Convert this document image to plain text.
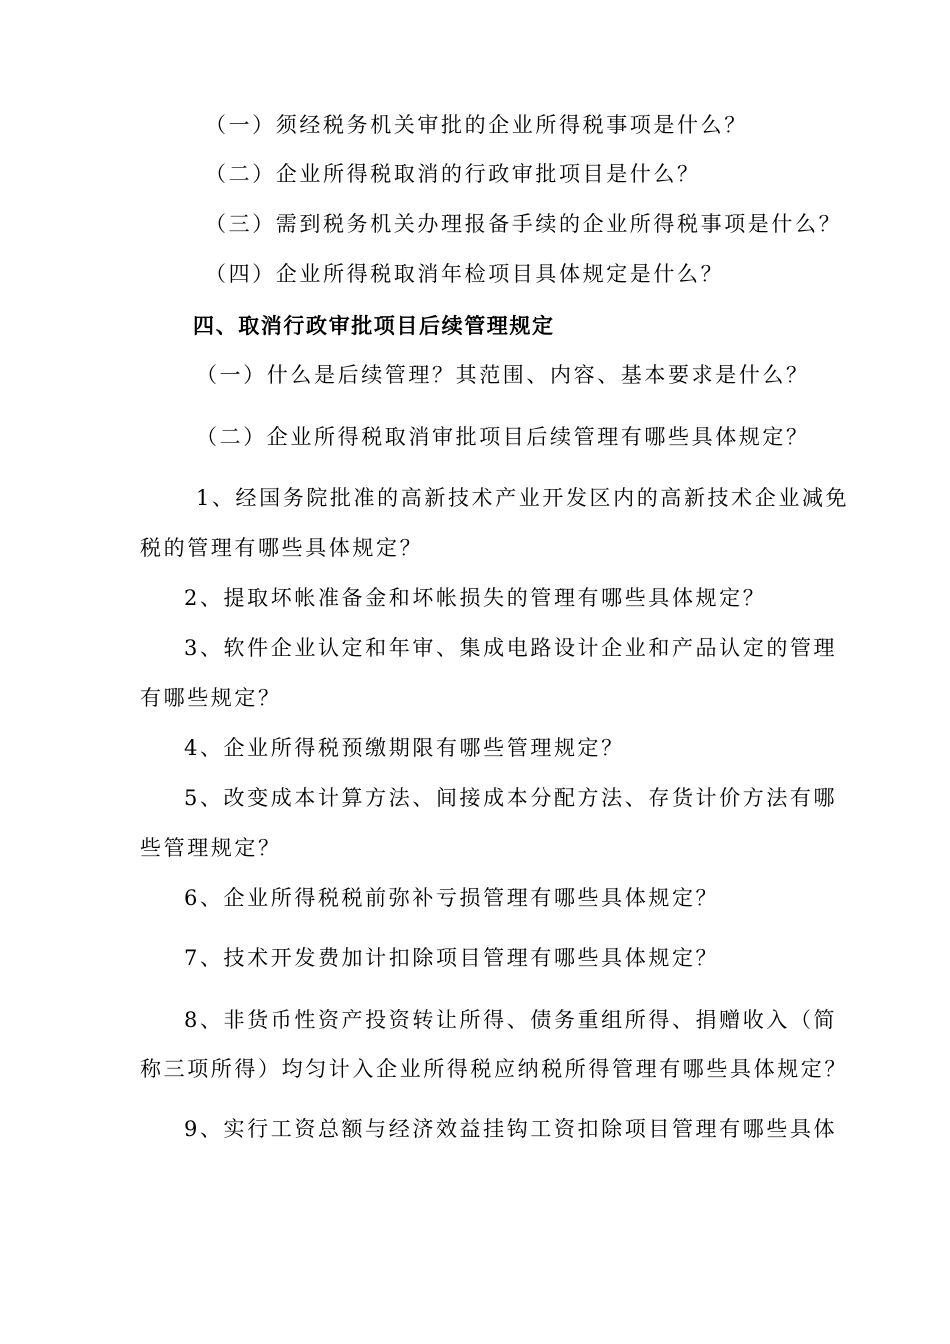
（一）须经税务机关审批的企业所得税事项是什么？
（二）企业所得税取消的行政审批项目是什么？
（三）需到税务机关办理报备手续的企业所得税事项是什么？
（四）企业所得税取消年检项目具体规定是什么？
四、取消行政审批项目后续管理规定
（一）什么是后续管理？其范围、内容、基本要求是什么？
（二）企业所得税取消审批项目后续管理有哪些具体规定？
1、经国务院批准的高新技术产业开发区内的高新技术企业减免
税的管理有哪些具体规定？
2、提取坏帐准备金和坏帐损失的管理有哪些具体规定？
3、软件企业认定和年审、集成电路设计企业和产品认定的管理
有哪些规定？
4、企业所得税预缴期限有哪些管理规定？
5、改变成本计算方法、间接成本分配方法、存货计价方法有哪
些管理规定？
6、企业所得税税前弥补亏损管理有哪些具体规定？
7、技术开发费加计扣除项目管理有哪些具体规定？
8、非货币性资产投资转让所得、债务重组所得、捐赠收入（简
称三项所得）均匀计入企业所得税应纳税所得管理有哪些具体规定？
9、实行工资总额与经济效益挂钩工资扣除项目管理有哪些具体
